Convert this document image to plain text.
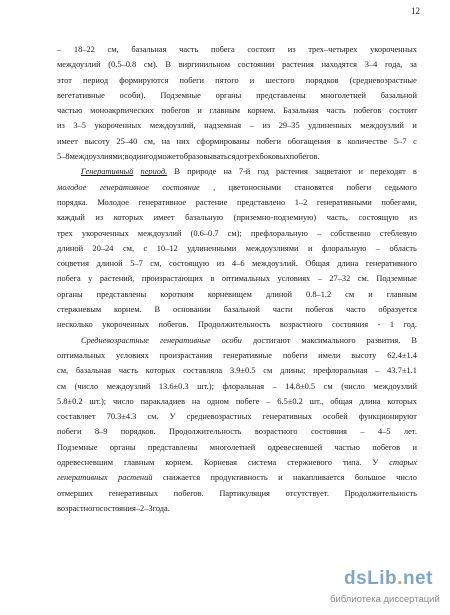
12
– 18–22 см, базальная часть побега состоит из трех–четырех укороченных
междоузлий (0.5–0.8 см). В виргинильном состоянии растения находятся 3–4 года, за
этот период формируются побеги пятого и шестого порядков (средневозрастные
вегетативные особи). Подземные органы представлены многолетней базальной
частью моноакрпических побегов и главным корнем. Базальная часть побегов состоит
из 3–5 укороченных междоузлий, надземная – из 29–35 удлиненных междоузлий и
имеет высоту 25–40 см, на них сформированы побеги обогащения в количестве 5–7 с
5–8 междоузлиями; в один год может образовываться до трех боковых побегов.
Генеративный период. В природе на 7-й год растения зацветают и переходят в
молодое генеративное состояние , цветоносными становятся побеги седьмого
порядка. Молодое генеративное растение представлено 1–2 генеративными побегами,
каждый из которых имеет базальную (приземно-подземную) часть, состоящую из
трех укороченных междоузлий (0.6–0.7 см); префлоральную – собственно стеблевую
длиной 20–24 см, с 10–12 удлиненными междоузлиями и флоральную – область
соцветия длиной 5–7 см, состоящую из 4–6 междоузлий. Общая длина генеративного
побега у растений, произрастающих в оптимальных условиях – 27–32 см. Подземные
органы представлены коротким корневищем длиной 0.8–1.2 см и главным
стержневым корнем. В основании базальной части побегов часто образуется
несколько укороченных побегов. Продолжительность возрастного состояния - 1 год.
Средневозрастные генеративные особи достигают максимального развития. В
оптимальных условиях произрастания генеративные побеги имели высоту 62.4±1.4
см, базальная часть которых составляла 3.9±0.5 см длины; префлоральная – 43.7±1.1
см (число междоузлий 13.6±0.3 шт.); флоральная – 14.8±0.5 см (число междоузлий
5.8±0.2 шт.); число паракладиев на одном побеге – 6.5±0.2 шт., общая длина которых
составляет 70.3±4.3 см. У средневозрастных генеративных особей функционируют
побеги 8–9 порядков. Продолжительность возрастного состояния – 4–5 лет.
Подземные органы представлены многолетней одревесневшей частью побегов и
одревесневшим главным корнем. Корневая система стержневого типа. У старых
генеративных растений снижается продуктивность и накапливается большое число
отмерших генеративных побегов. Партикуляция отсутствует. Продолжительность
возрастного состояния – 2–3 года.
dsLib.net
библиотека диссертаций
